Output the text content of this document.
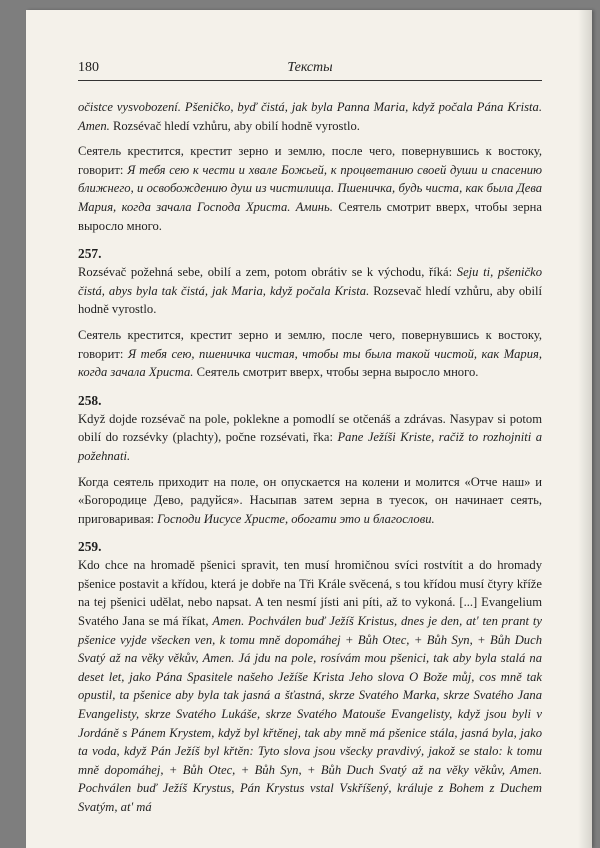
180	Тексты

očistce vysvobození. Pšeničko, byď čistá, jak byla Panna Maria, když počala Pána Krista. Amen. Rozsévač hledí vzhůru, aby obilí hodně vyrostlo.

Сеятель крестится, крестит зерно и землю, после чего, повернувшись к востоку, говорит: Я тебя сею к чести и хвале Божьей, к процветанию своей души и спасению ближнего, и освобождению душ из чистилища. Пшеничка, будь чиста, как была Дева Мария, когда зачала Господа Христа. Аминь. Сеятель смотрит вверх, чтобы зерна выросло много.

257.

Rozsévač požehná sebe, obilí a zem, potom obrátiv se k východu, říká: Seju ti, pšeničko čistá, abys byla tak čistá, jak Maria, když počala Krista. Rozsevač hledí vzhůru, aby obilí hodně vyrostlo.

Сеятель крестится, крестит зерно и землю, после чего, повернувшись к востоку, говорит: Я тебя сею, пшеничка чистая, чтобы ты была такой чистой, как Мария, когда зачала Христа. Сеятель смотрит вверх, чтобы зерна выросло много.

258.

Když dojde rozsévač na pole, poklekne a pomodlí se otčenáš a zdrávas. Nasypav si potom obilí do rozsévky (plachty), počne rozsévati, řka: Pane Ježíši Kriste, račiž to rozhojniti a požehnati.

Когда сеятель приходит на поле, он опускается на колени и молится «Отче наш» и «Богородице Дево, радуйся». Насыпав затем зерна в туесок, он начинает сеять, приговаривая: Господи Иисусе Христе, обогати это и благослови.

259.

Kdo chce na hromadě pšenici spravit, ten musí hromičnou svíci rostvítit a do hromady pšenice postavit a křídou, která je dobře na Tři Krále svěcená, s tou křídou musí čtyry kříže na tej pšenici udělat, nebo napsat. A ten nesmí jísti ani píti, až to vykoná. [...] Evangelium Svatého Jana se má říkat, Amen. Pochválen buď Ježíš Kristus, dnes je den, at' ten prant ty pšenice vyjde všecken ven, k tomu mně dopomáhej + Bůh Otec, + Bůh Syn, + Bůh Duch Svatý až na věky věkův, Amen. Já jdu na pole, rosívám mou pšenici, tak aby byla stalá na deset let, jako Pána Spasitele našeho Ježíše Krista Jeho slova O Bože můj, cos mně tak opustil, ta pšenice aby byla tak jasná a šťastná, skrze Svatého Marka, skrze Svatého Jana Evangelisty, skrze Svatého Lukáše, skrze Svatého Matouše Evangelisty, když jsou byli v Jordáně s Pánem Krystem, když byl křtěnej, tak aby mně má pšenice stála, jasná byla, jako ta voda, když Pán Ježíš byl křtěn: Tyto slova jsou všecky pravdivý, jakož se stalo: k tomu mně dopomáhej, + Bůh Otec, + Bůh Syn, + Bůh Duch Svatý až na věky věkův, Amen. Pochválen buď Ježíš Krystus, Pán Krystus vstal Vskříšený, králuje z Bohem z Duchem Svatým, at' má
